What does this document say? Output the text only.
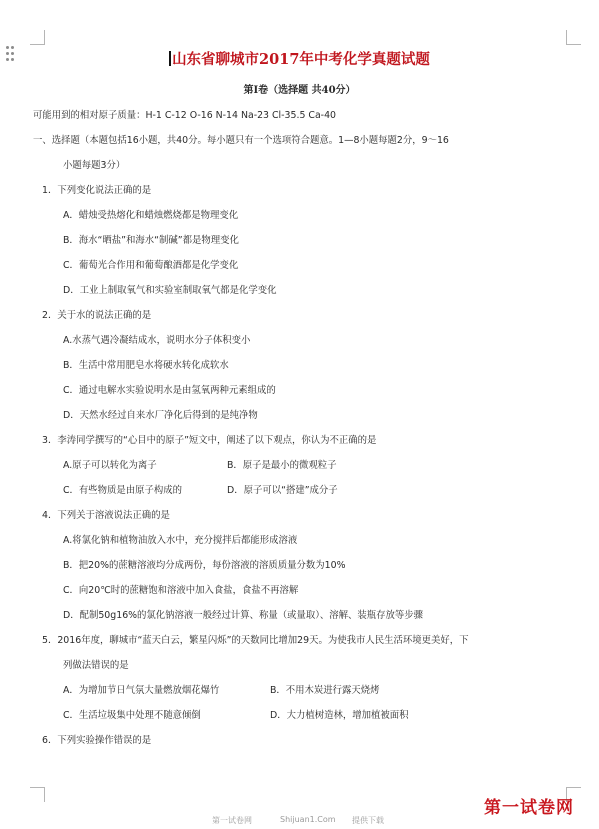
山东省聊城市2017年中考化学真题试题
第Ⅰ卷（选择题 共40分）
可能用到的相对原子质量：H-1 C-12 O-16 N-14 Na-23 Cl-35.5 Ca-40
一、选择题（本题包括16小题，共40分。每小题只有一个选项符合题意。1—8小题每题2分，9～16
小题每题3分）
1．下列变化说法正确的是
A．蜡烛受热熔化和蜡烛燃烧都是物理变化
B．海水“晒盐”和海水“制碱”都是物理变化
C．葡萄光合作用和葡萄酿酒都是化学变化
D．工业上制取氧气和实验室制取氧气都是化学变化
2．关于水的说法正确的是
A.水蒸气遇冷凝结成水，说明水分子体积变小
B．生活中常用肥皂水将硬水转化成软水
C．通过电解水实验说明水是由氢氧两种元素组成的
D．天然水经过自来水厂净化后得到的是纯净物
3．李涛同学撰写的“心目中的原子”短文中，阐述了以下观点，你认为不正确的是
A.原子可以转化为离子	B．原子是最小的微观粒子
C．有些物质是由原子构成的	D．原子可以“搭建”成分子
4．下列关于溶液说法正确的是
A.将氯化钠和植物油放入水中，充分搅拌后都能形成溶液
B．把20%的蔗糖溶液均分成两份，每份溶液的溶质质量分数为10%
C．向20℃时的蔗糖饱和溶液中加入食盐，食盐不再溶解
D．配制50g16%的氯化钠溶液一般经过计算、称量（或量取）、溶解、装瓶存放等步骤
5．2016年度，聊城市“蓝天白云，繁星闪烁”的天数同比增加29天。为使我市人民生活环境更美好，下
列做法错误的是
A．为增加节日气氛大量燃放烟花爆竹	B．不用木炭进行露天烧烤
C．生活垃圾集中处理不随意倾倒	D．大力植树造林，增加植被面积
6．下列实验操作错误的是
第一试卷网	Shijuan1.Com 提供下载
第一试卷网
